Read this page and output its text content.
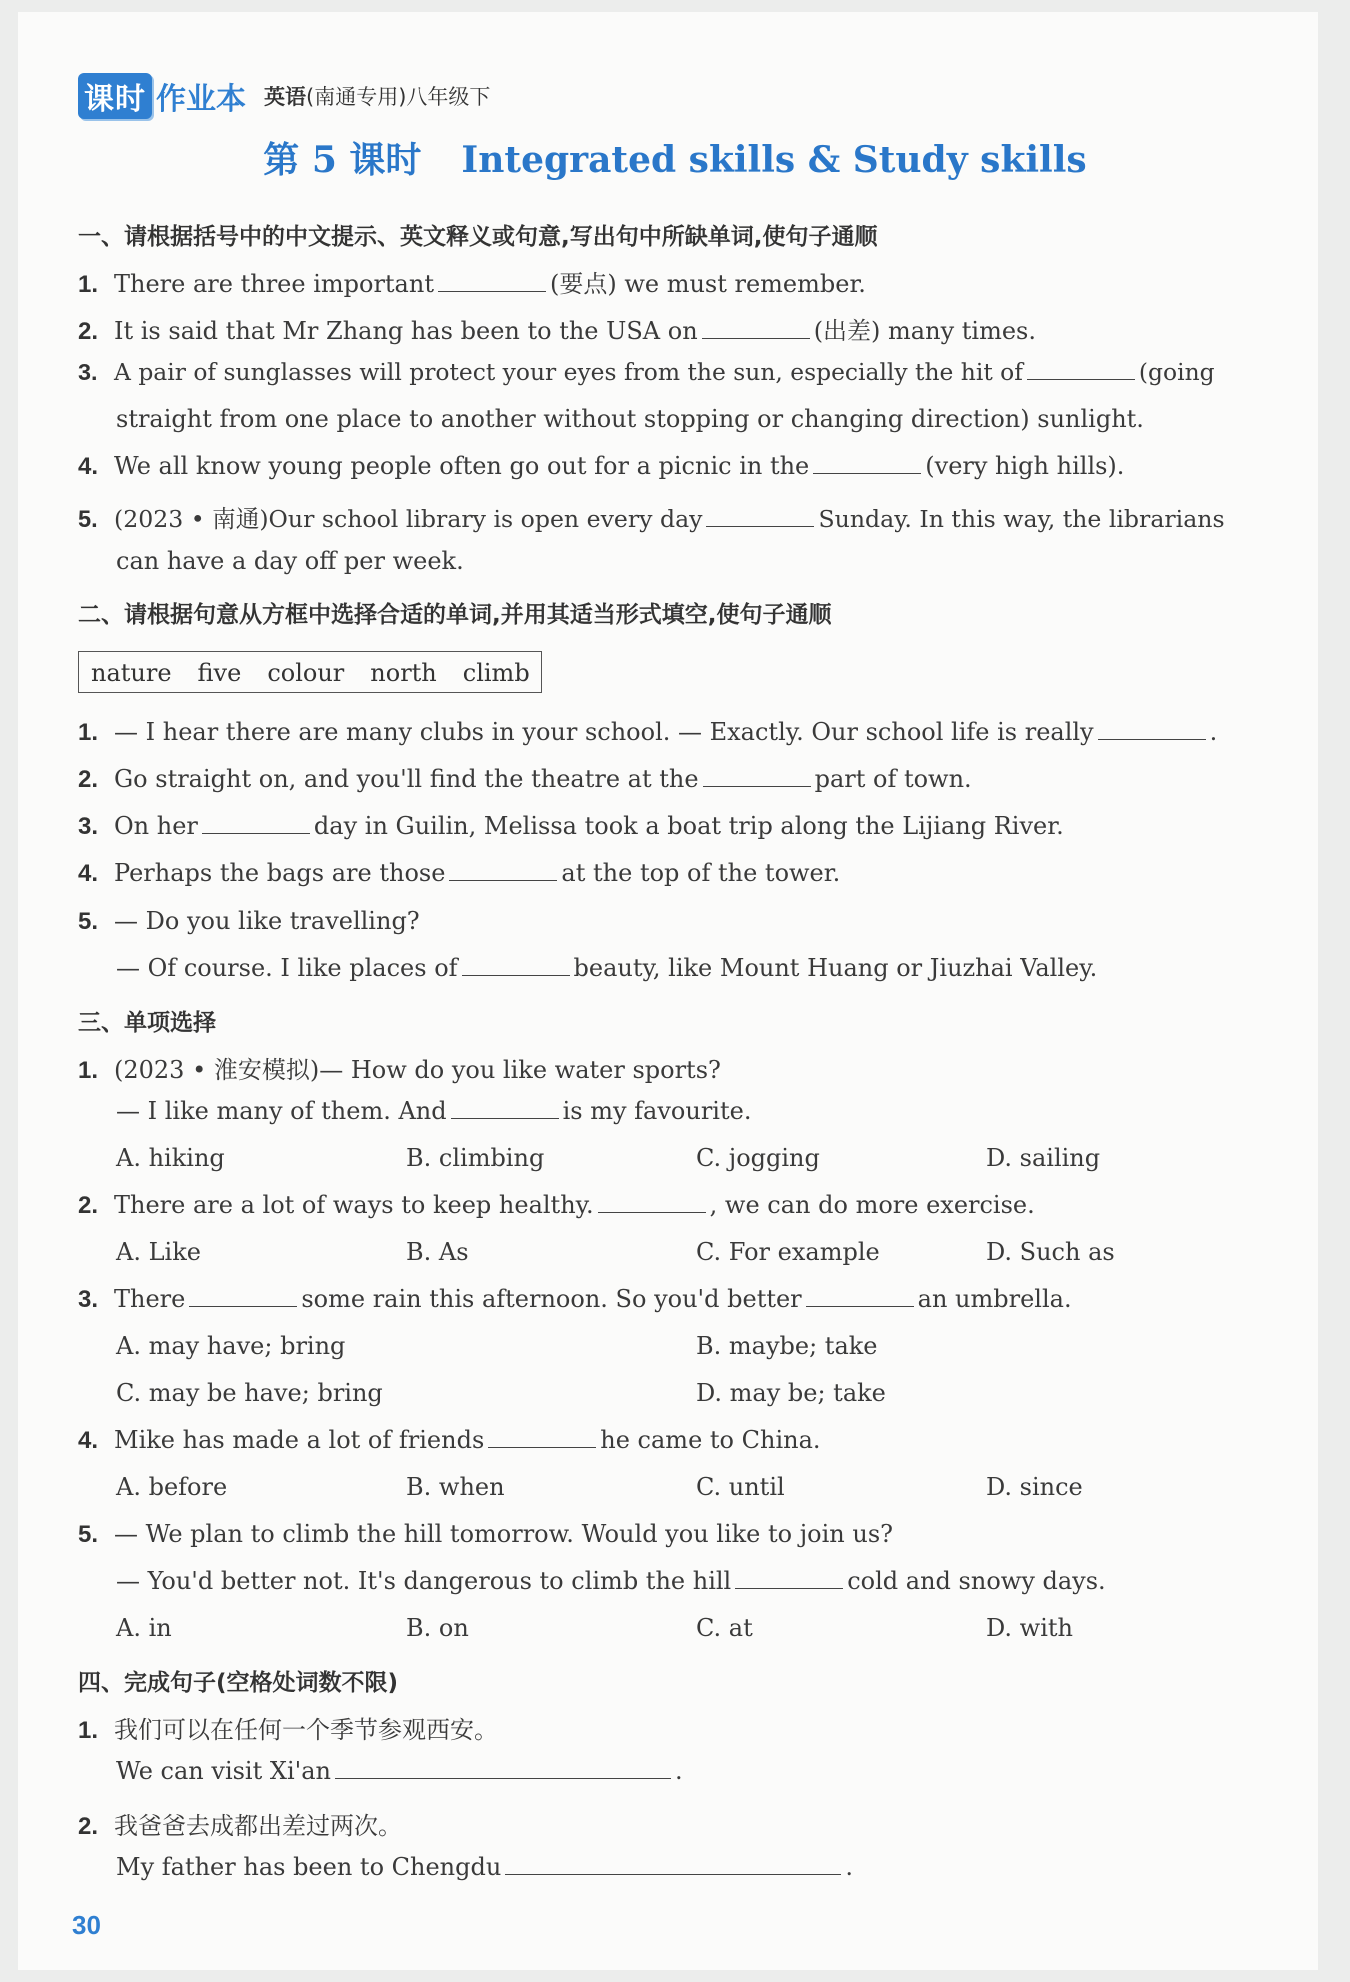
课时 作业本 英语 (南通专用)八年级下
第 5 课时 Integrated skills & Study skills
一、请根据括号中的中文提示、英文释义或句意,写出句中所缺单词,使句子通顺
1. There are three important	(要点) we must remember.
2. It is said that Mr Zhang has been to the USA on	(出差) many times.
3. A pair of sunglasses will protect your eyes from the sun, especially the hit of	(going
straight from one place to another without stopping or changing direction) sunlight.
4. We all know young people often go out for a picnic in the	(very high hills).
5. (2023 • 南通)Our school library is open every day	Sunday. In this way, the librarians
can have a day off per week.
二、请根据句意从方框中选择合适的单词,并用其适当形式填空,使句子通顺
nature five colour north climb
1. — I hear there are many clubs in your school. — Exactly. Our school life is really	.
2. Go straight on, and you'll find the theatre at the	part of town.
3. On her	day in Guilin, Melissa took a boat trip along the Lijiang River.
4. Perhaps the bags are those	at the top of the tower.
5. — Do you like travelling?
— Of course. I like places of	beauty, like Mount Huang or Jiuzhai Valley.
三、单项选择
1. (2023 • 淮安模拟)— How do you like water sports?
— I like many of them. And	is my favourite.
A. hiking	B. climbing	C. jogging	D. sailing
2. There are a lot of ways to keep healthy.	, we can do more exercise.
A. Like	B. As	C. For example	D. Such as
3. There	some rain this afternoon. So you'd better	an umbrella.
A. may have; bring	B. maybe; take
C. may be have; bring	D. may be; take
4. Mike has made a lot of friends	he came to China.
A. before	B. when	C. until	D. since
5. — We plan to climb the hill tomorrow. Would you like to join us?
— You'd better not. It's dangerous to climb the hill	cold and snowy days.
A. in	B. on	C. at	D. with
四、完成句子(空格处词数不限)
1. 我们可以在任何一个季节参观西安。
We can visit Xi'an	.
2. 我爸爸去成都出差过两次。
My father has been to Chengdu	.
30
